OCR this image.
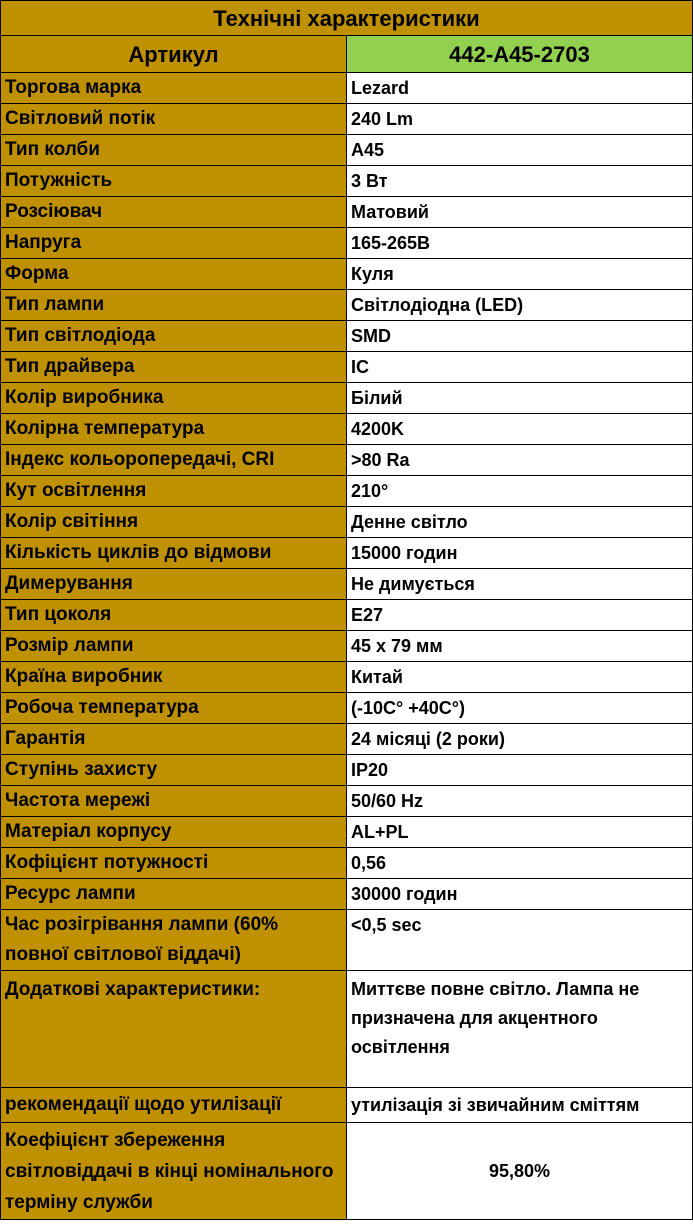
Технічні характеристики	
Артикул	442-A45-2703
Торгова марка	Lezard
Світловий потік	240 Lm
Тип колби	A45
Потужність	3 Вт
Розсіювач	Матовий
Напруга	165-265В
Форма	Куля
Тип лампи	Світлодіодна (LED)
Тип світлодіода	SMD
Тип драйвера	IC
Колір виробника	Білий
Колірна температура	4200K
Індекс кольоропередачі, CRI	>80 Ra
Кут освітлення	210°
Колір світіння	Денне світло
Кількість циклів до відмови	15000 годин
Димерування	Не димується
Тип цоколя	E27
Розмір лампи	45 x 79 мм
Країна виробник	Китай
Робоча температура	(-10C° +40C°)
Гарантія	24 місяці (2 роки)
Ступінь захисту	IP20
Частота мережі	50/60 Hz
Матеріал корпусу	AL+PL
Кофіцієнт потужності	0,56
Ресурс лампи	30000 годин
Час розігрівання лампи (60% повної світлової віддачі)	<0,5 sec
Додаткові характеристики:	Миттєве повне світло. Лампа не призначена для акцентного освітлення
рекомендації щодо утилізації	утилізація зі звичайним сміттям
Коефіцієнт збереження світловіддачі в кінці номінального терміну служби	95,80%
